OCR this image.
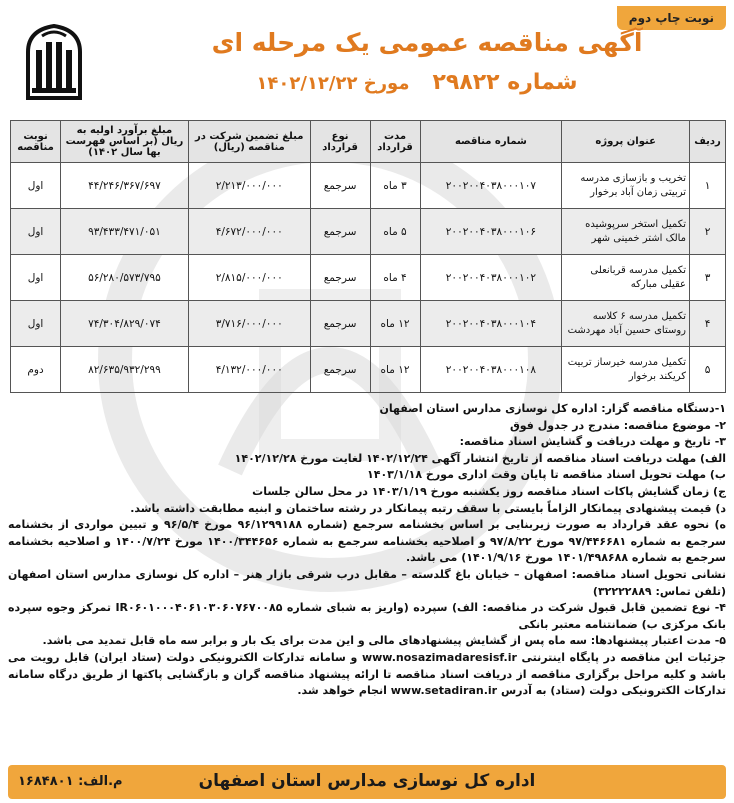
نوبت چاپ دوم
آگهی مناقصه عمومی یک مرحله ای
شماره ۲۹۸۲۲   مورخ ۱۴۰۲/۱۲/۲۲
ردیف	عنوان پروژه	شماره مناقصه	مدت قرارداد	نوع قرارداد	مبلغ تضمین شرکت در مناقصه (ریال)	مبلغ برآورد اولیه به ریال (بر اساس فهرست بها سال ۱۴۰۲)	نوبت مناقصه
۱	تخریب و بازسازی مدرسه تربیتی زمان آباد برخوار	۲۰۰۲۰۰۴۰۳۸۰۰۰۱۰۷	۳ ماه	سرجمع	۲/۲۱۳/۰۰۰/۰۰۰	۴۴/۲۴۶/۳۶۷/۶۹۷	اول
۲	تکمیل استخر سرپوشیده مالک اشتر خمینی شهر	۲۰۰۲۰۰۴۰۳۸۰۰۰۱۰۶	۵ ماه	سرجمع	۴/۶۷۲/۰۰۰/۰۰۰	۹۳/۴۳۳/۴۷۱/۰۵۱	اول
۳	تکمیل مدرسه قربانعلی عقیلی مبارکه	۲۰۰۲۰۰۴۰۳۸۰۰۰۱۰۲	۴ ماه	سرجمع	۲/۸۱۵/۰۰۰/۰۰۰	۵۶/۲۸۰/۵۷۳/۷۹۵	اول
۴	تکمیل مدرسه ۶ کلاسه روستای حسین آباد مهردشت	۲۰۰۲۰۰۴۰۳۸۰۰۰۱۰۴	۱۲ ماه	سرجمع	۳/۷۱۶/۰۰۰/۰۰۰	۷۴/۳۰۴/۸۲۹/۰۷۴	اول
۵	تکمیل مدرسه خیرساز تربیت کریکند برخوار	۲۰۰۲۰۰۴۰۳۸۰۰۰۱۰۸	۱۲ ماه	سرجمع	۴/۱۳۲/۰۰۰/۰۰۰	۸۲/۶۳۵/۹۳۲/۲۹۹	دوم

۱-دستگاه مناقصه گزار: اداره کل نوسازی مدارس استان اصفهان

۲- موضوع مناقصه: مندرج در جدول فوق

۳- تاریخ و مهلت دریافت و گشایش اسناد مناقصه:

الف) مهلت دریافت اسناد مناقصه از تاریخ انتشار آگهی ۱۴۰۲/۱۲/۲۴ لغایت مورخ ۱۴۰۲/۱۲/۲۸

ب) مهلت تحویل اسناد مناقصه تا پایان وقت اداری مورخ ۱۴۰۳/۱/۱۸

ج) زمان گشایش پاکات اسناد مناقصه روز یکشنبه مورخ ۱۴۰۳/۱/۱۹ در محل سالن جلسات

د) قیمت پیشنهادی پیمانکار الزاماً بایستی با سقف رتبه پیمانکار در رشته ساختمان و ابنیه مطابقت داشته باشد.

ه) نحوه عقد قرارداد به صورت زیربنایی بر اساس بخشنامه سرجمع (شماره ۹۶/۱۲۹۹۱۸۸ مورخ ۹۶/۵/۴ و تبیین مواردی از بخشنامه سرجمع به شماره ۹۷/۴۴۶۶۸۱ مورخ ۹۷/۸/۲۲ و اصلاحیه بخشنامه سرجمع به شماره ۱۴۰۰/۳۴۴۶۵۶ مورخ ۱۴۰۰/۷/۲۴ و اصلاحیه بخشنامه سرجمع به شماره ۱۴۰۱/۴۹۸۶۸۸ مورخ ۱۴۰۱/۹/۱۶) می باشد.

نشانی تحویل اسناد مناقصه: اصفهان – خیابان باغ گلدسته – مقابل درب شرقی بازار هنر – اداره کل نوسازی مدارس استان اصفهان (تلفن تماس: ۳۲۲۲۲۸۸۹)

۴- نوع تضمین قابل قبول شرکت در مناقصه: الف) سپرده (واریز به شبای شماره IR۰۶۰۱۰۰۰۴۰۶۱۰۳۰۶۰۷۶۷۰۰۸۵ تمرکز وجوه سپرده بانک مرکزی ب) ضمانتنامه معتبر بانکی

۵- مدت اعتبار پیشنهادها: سه ماه پس از گشایش پیشنهادهای مالی و این مدت برای یک بار و برابر سه ماه قابل تمدید می باشد.

جزئیات این مناقصه در پایگاه اینترنتی www.nosazimadaresisf.ir و سامانه تدارکات الکترونیکی دولت (ستاد ایران) قابل رویت می باشد و کلیه مراحل برگزاری مناقصه از دریافت اسناد مناقصه تا ارائه پیشنهاد مناقصه گران و بازگشایی پاکتها از طریق درگاه سامانه تدارکات الکترونیکی دولت (ستاد) به آدرس www.setadiran.ir انجام خواهد شد.

اداره کل نوسازی مدارس استان اصفهان
م.الف: ۱۶۸۴۸۰۱
